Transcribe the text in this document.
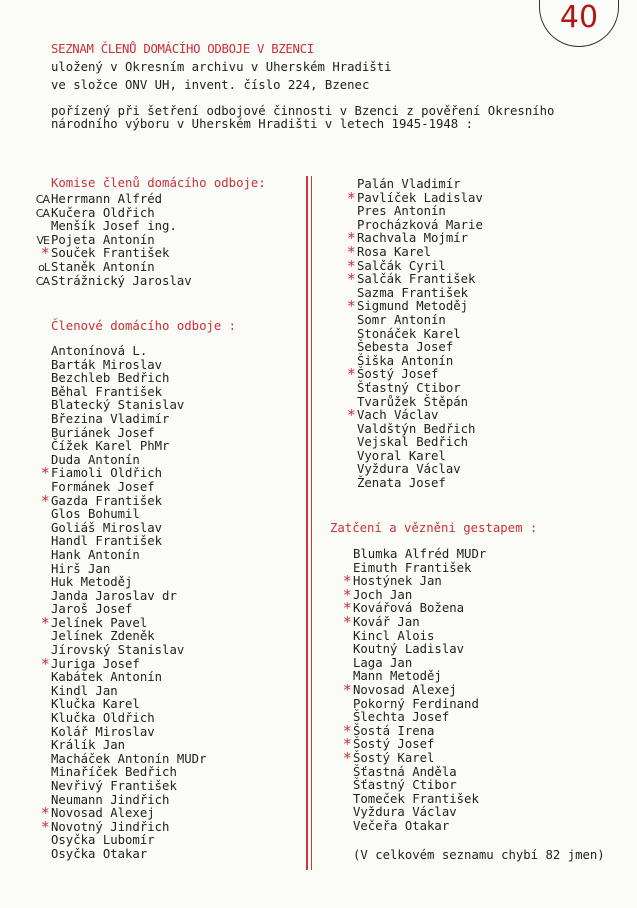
40
SEZNAM ČLENŮ DOMÁCÍHO ODBOJE V BZENCI
uložený v Okresním archivu v Uherském Hradišti
ve složce ONV UH, invent. číslo 224, Bzenec
pořízený při šetření odbojové činnosti v Bzenci z pověření Okresního
národního výboru v Uherském Hradišti v letech 1945-1948 :
Komise členů domácího odboje:
CA Herrmann Alfréd
CA Kučera Oldřich
Menšík Josef ing.
VE Pojeta Antonín
* Souček František
oL Staněk Antonín
CA Strážnický Jaroslav
Členové domácího odboje :
Antonínová L.
Barták Miroslav
Bezchleb Bedřich
Běhal František
Blatecký Stanislav
Březina Vladimír
Buriánek Josef
Čížek Karel PhMr
Duda Antonín
* Fiamoli Oldřich
Formánek Josef
* Gazda František
Glos Bohumil
Goliáš Miroslav
Handl František
Hank Antonín
Hirš Jan
Huk Metoděj
Janda Jaroslav dr
Jaroš Josef
* Jelínek Pavel
Jelínek Zdeněk
Jírovský Stanislav
* Juriga Josef
Kabátek Antonín
Kindl Jan
Klučka Karel
Klučka Oldřich
Kolář Miroslav
Králík Jan
Macháček Antonín MUDr
Minaříček Bedřich
Nevřivý František
Neumann Jindřich
* Novosad Alexej
* Novotný Jindřich
Osyčka Lubomír
Osyčka Otakar
Palán Vladimír
* Pavlíček Ladislav
Pres Antonín
Procházková Marie
* Rachvala Mojmír
* Rosa Karel
* Salčák Cyril
* Salčák František
Sazma František
* Sigmund Metoděj
Somr Antonín
Stonáček Karel
Šebesta Josef
Šiška Antonín
* Šostý Josef
Šťastný Ctibor
Tvarůžek Štěpán
* Vach Václav
Valdštýn Bedřich
Vejskal Bedřich
Vyoral Karel
Vyždura Václav
Ženata Josef
Zatčení a vězněni gestapem :
Blumka Alfréd MUDr
Eimuth František
* Hostýnek Jan
* Joch Jan
* Kovářová Božena
* Kovář Jan
Kincl Alois
Koutný Ladislav
Laga Jan
Mann Metoděj
* Novosad Alexej
Pokorný Ferdinand
Šlechta Josef
* Šostá Irena
* Šostý Josef
* Šostý Karel
Šťastná Anděla
Šťastný Ctibor
Tomeček František
Vyždura Václav
Večeřa Otakar
(V celkovém seznamu chybí 82 jmen)
